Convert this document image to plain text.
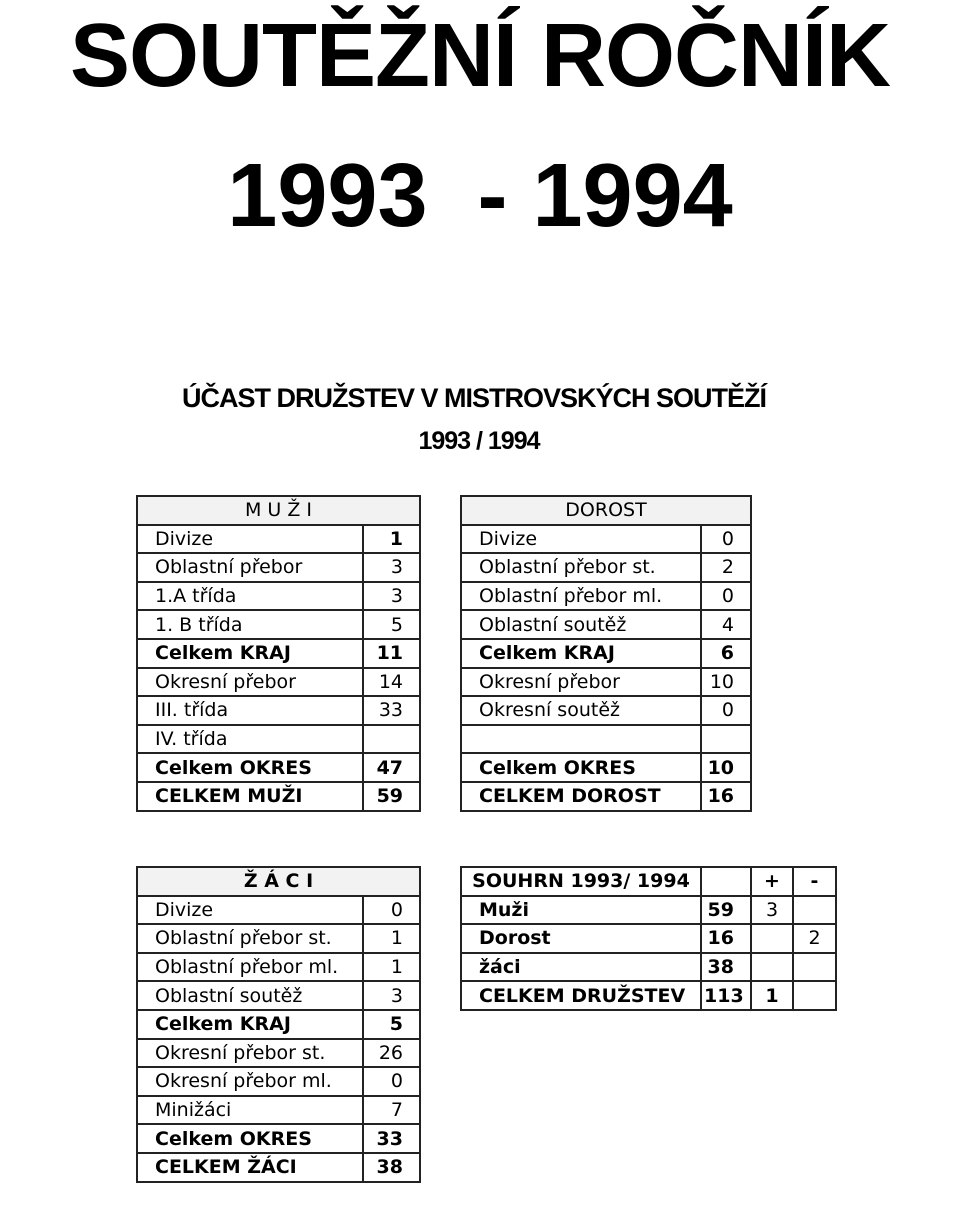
SOUTĚŽNÍ ROČNÍK
1993  - 1994
ÚČAST DRUŽSTEV V MISTROVSKÝCH SOUTĚŽÍ
1993 / 1994
M U Ž I	
Divize	1
Oblastní přebor	3
1.A třída	3
1. B třída	5
Celkem KRAJ	11
Okresní přebor	14
III. třída	33
IV. třída	
Celkem OKRES	47
CELKEM MUŽI	59
DOROST	
Divize	0
Oblastní přebor st.	2
Oblastní přebor ml.	0
Oblastní soutěž	4
Celkem KRAJ	6
Okresní přebor	10
Okresní soutěž	0

Celkem OKRES	10
CELKEM DOROST	16
Ž Á C I	
Divize	0
Oblastní přebor st.	1
Oblastní přebor ml.	1
Oblastní soutěž	3
Celkem KRAJ	5
Okresní přebor st.	26
Okresní přebor ml.	0
Minižáci	7
Celkem OKRES	33
CELKEM ŽÁCI	38
SOUHRN 1993/ 1994		+	-
Muži	59	3	
Dorost	16		2
žáci	38		
CELKEM DRUŽSTEV	113	1	
